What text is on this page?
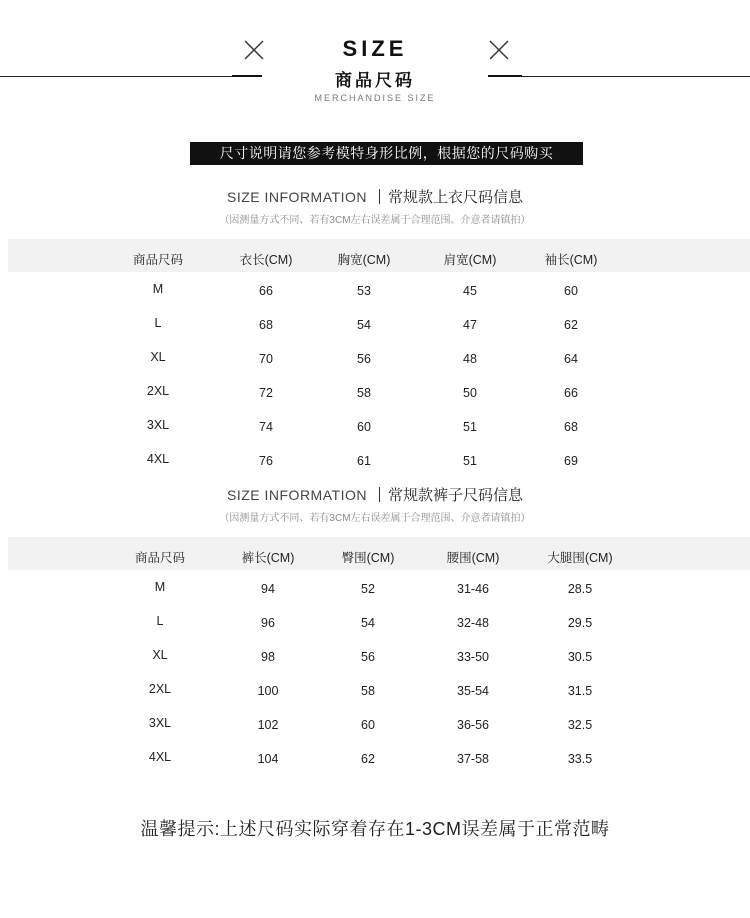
SIZE
商品尺码
MERCHANDISE SIZE
尺寸说明请您参考模特身形比例，根据您的尺码购买
SIZE INFORMATION 常规款上衣尺码信息
（因测量方式不同、若有3CM左右误差属于合理范围、介意者请镇拍）
商品尺码	衣长(CM)	胸宽(CM)	肩宽(CM)	袖长(CM)
M	66	53	45	60
L	68	54	47	62
XL	70	56	48	64
2XL	72	58	50	66
3XL	74	60	51	68
4XL	76	61	51	69
SIZE INFORMATION 常规款裤子尺码信息
（因测量方式不同、若有3CM左右误差属于合理范围、介意者请镇拍）
商品尺码	裤长(CM)	臀围(CM)	腰围(CM)	大腿围(CM)
M	94	52	31-46	28.5
L	96	54	32-48	29.5
XL	98	56	33-50	30.5
2XL	100	58	35-54	31.5
3XL	102	60	36-56	32.5
4XL	104	62	37-58	33.5
温馨提示:上述尺码实际穿着存在1-3CM误差属于正常范畴
